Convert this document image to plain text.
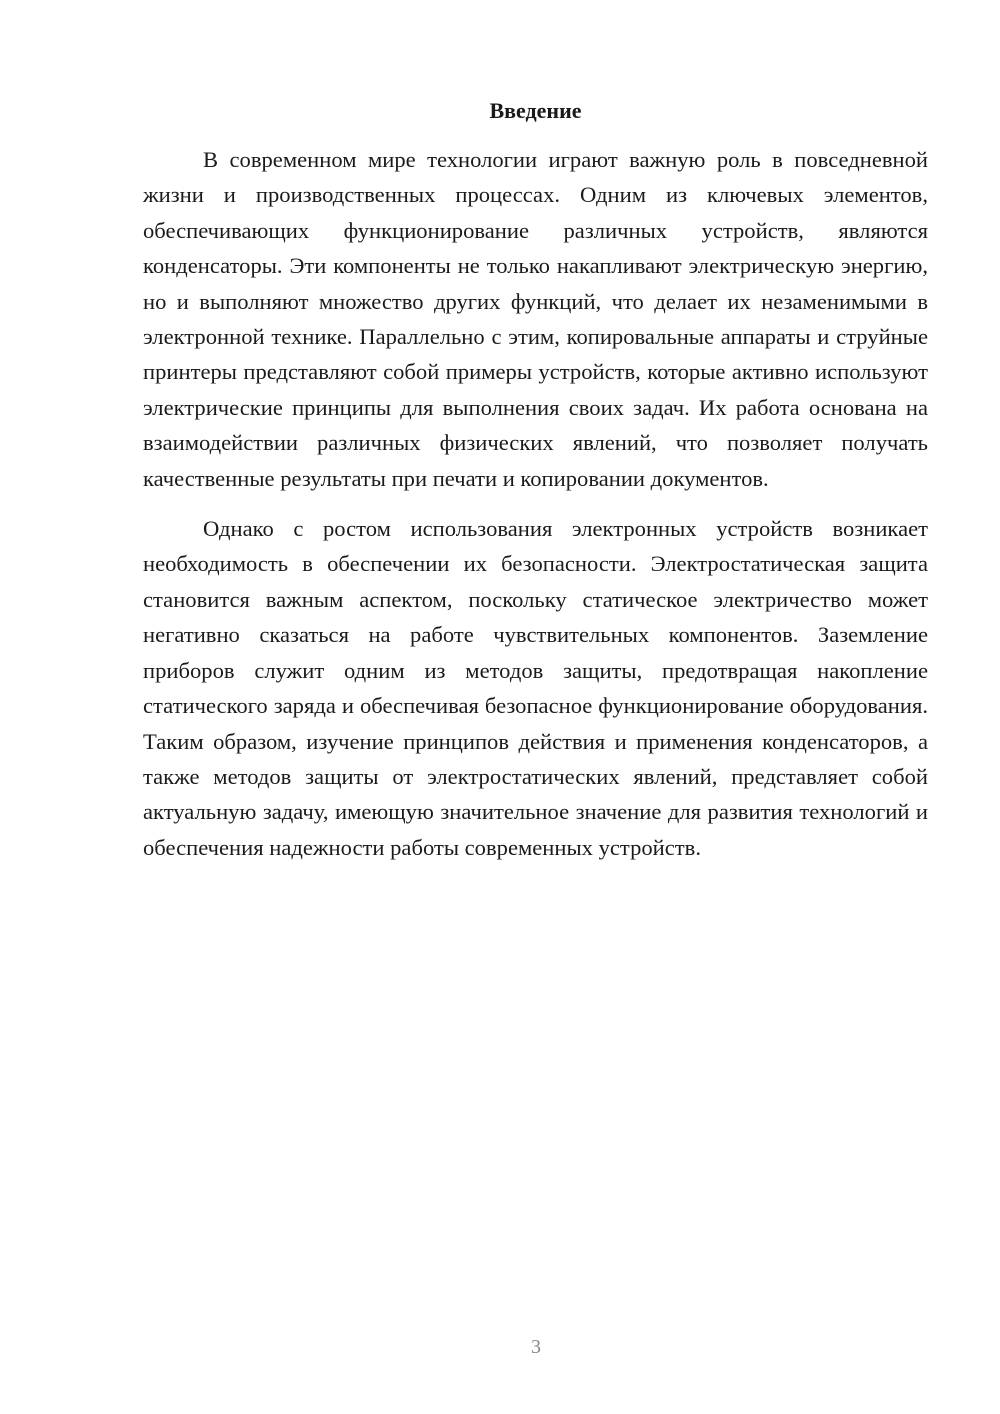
Введение

В современном мире технологии играют важную роль в повседневной жизни и производственных процессах. Одним из ключевых элементов, обеспечивающих функционирование различных устройств, являются конденсаторы. Эти компоненты не только накапливают электрическую энергию, но и выполняют множество других функций, что делает их незаменимыми в электронной технике. Параллельно с этим, копировальные аппараты и струйные принтеры представляют собой примеры устройств, которые активно используют электрические принципы для выполнения своих задач. Их работа основана на взаимодействии различных физических явлений, что позволяет получать качественные результаты при печати и копировании документов.

Однако с ростом использования электронных устройств возникает необходимость в обеспечении их безопасности. Электростатическая защита становится важным аспектом, поскольку статическое электричество может негативно сказаться на работе чувствительных компонентов. Заземление приборов служит одним из методов защиты, предотвращая накопление статического заряда и обеспечивая безопасное функционирование оборудования. Таким образом, изучение принципов действия и применения конденсаторов, а также методов защиты от электростатических явлений, представляет собой актуальную задачу, имеющую значительное значение для развития технологий и обеспечения надежности работы современных устройств.

3
